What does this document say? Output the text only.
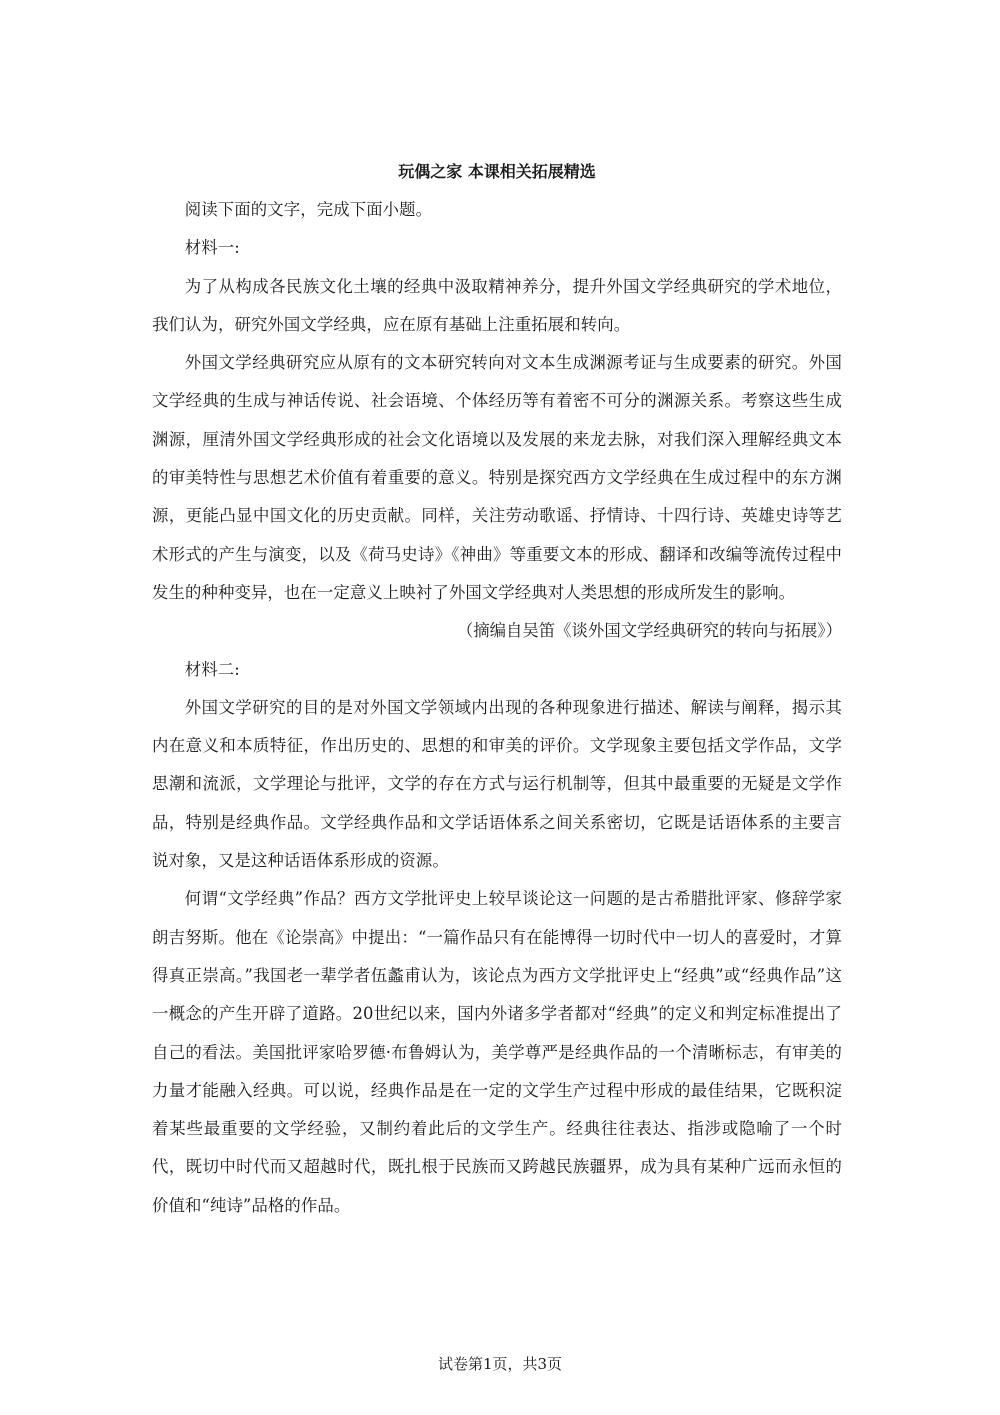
玩偶之家 本课相关拓展精选

阅读下面的文字，完成下面小题。

材料一:

为了从构成各民族文化土壤的经典中汲取精神养分，提升外国文学经典研究的学术地位，我们认为，研究外国文学经典，应在原有基础上注重拓展和转向。

外国文学经典研究应从原有的文本研究转向对文本生成渊源考证与生成要素的研究。外国文学经典的生成与神话传说、社会语境、个体经历等有着密不可分的渊源关系。考察这些生成渊源，厘清外国文学经典形成的社会文化语境以及发展的来龙去脉，对我们深入理解经典文本的审美特性与思想艺术价值有着重要的意义。特别是探究西方文学经典在生成过程中的东方渊源，更能凸显中国文化的历史贡献。同样，关注劳动歌谣、抒情诗、十四行诗、英雄史诗等艺术形式的产生与演变，以及《荷马史诗》《神曲》等重要文本的形成、翻译和改编等流传过程中发生的种种变异，也在一定意义上映衬了外国文学经典对人类思想的形成所发生的影响。

（摘编自吴笛《谈外国文学经典研究的转向与拓展》）

材料二:

外国文学研究的目的是对外国文学领域内出现的各种现象进行描述、解读与阐释，揭示其内在意义和本质特征，作出历史的、思想的和审美的评价。文学现象主要包括文学作品，文学思潮和流派，文学理论与批评，文学的存在方式与运行机制等，但其中最重要的无疑是文学作品，特别是经典作品。文学经典作品和文学话语体系之间关系密切，它既是话语体系的主要言说对象，又是这种话语体系形成的资源。

何谓“文学经典”作品？西方文学批评史上较早谈论这一问题的是古希腊批评家、修辞学家朗吉努斯。他在《论崇高》中提出：“一篇作品只有在能博得一切时代中一切人的喜爱时，才算得真正崇高。”我国老一辈学者伍蠡甫认为，该论点为西方文学批评史上“经典”或“经典作品”这一概念的产生开辟了道路。20世纪以来，国内外诸多学者都对“经典”的定义和判定标准提出了自己的看法。美国批评家哈罗德·布鲁姆认为，美学尊严是经典作品的一个清晰标志，有审美的力量才能融入经典。可以说，经典作品是在一定的文学生产过程中形成的最佳结果，它既积淀着某些最重要的文学经验，又制约着此后的文学生产。经典往往表达、指涉或隐喻了一个时代，既切中时代而又超越时代，既扎根于民族而又跨越民族疆界，成为具有某种广远而永恒的价值和“纯诗”品格的作品。

试卷第1页，共3页
